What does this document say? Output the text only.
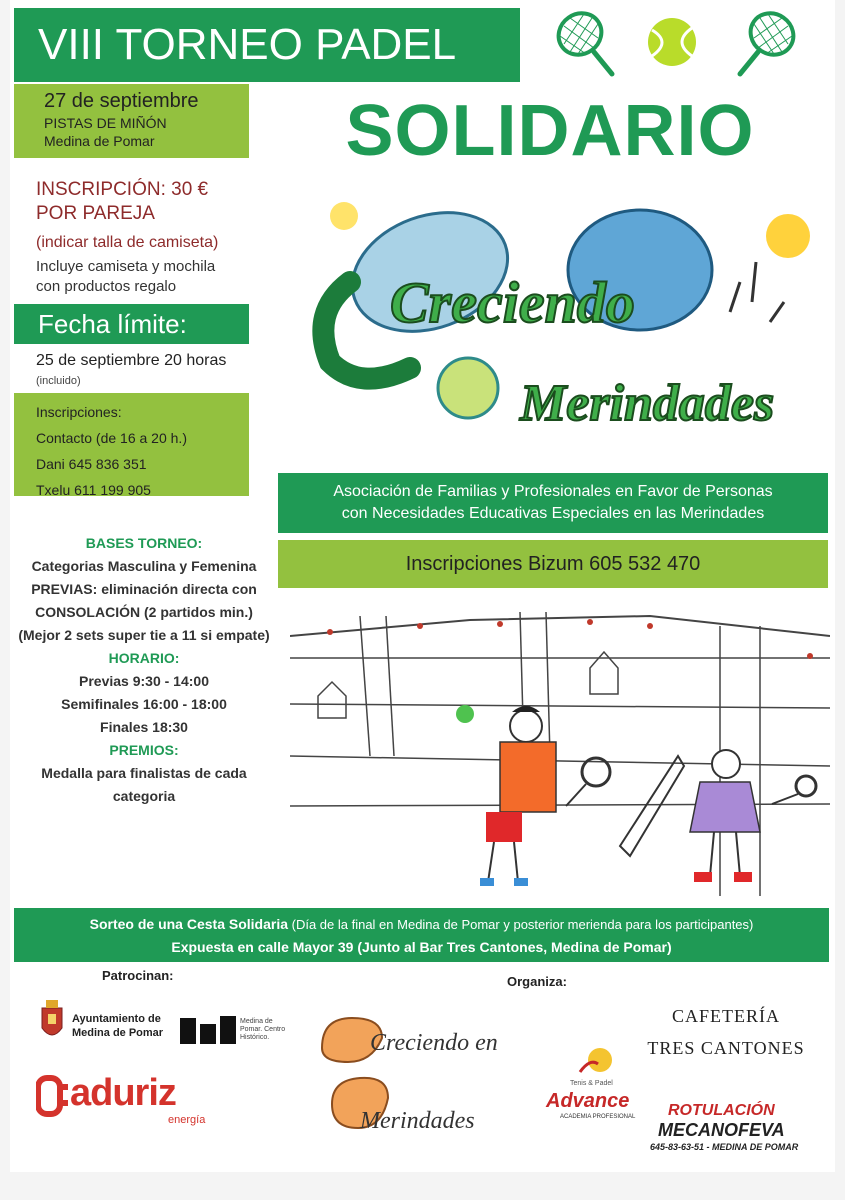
VIII TORNEO PADEL
27 de septiembre
PISTAS DE MIÑÓN
Medina de Pomar	SOLIDARIO
INSCRIPCIÓN: 30 €
POR PAREJA
(indicar talla de camiseta)
Incluye camiseta y mochila
con productos regalo
Fecha límite:
25 de septiembre 20 horas
(incluido)
Inscripciones:
Contacto (de 16 a 20 h.)
Dani 645 836 351
Txelu 611 199 905
BASES TORNEO:
Categorias Masculina y Femenina
PREVIAS: eliminación directa con
CONSOLACIÓN (2 partidos min.)
(Mejor 2 sets super tie a 11 si empate)
HORARIO:
Previas 9:30 - 14:00
Semifinales 16:00 - 18:00
Finales 18:30
PREMIOS:
Medalla para finalistas de cada
categoria
Creciendo
Merindades
Asociación de Familias y Profesionales en Favor de Personas
con Necesidades Educativas Especiales en las Merindades
Inscripciones Bizum 605 532 470
Sorteo de una Cesta Solidaria (Día de la final en Medina de Pomar y posterior merienda para los participantes)
Expuesta en calle Mayor 39 (Junto al Bar Tres Cantones, Medina de Pomar)
Patrocinan:	Organiza:
Ayuntamiento de
Medina de Pomar
Medina de
Pomar. Centro
Histórico.
aduriz
energía
Creciendo en
Merindades
Tenis & Padel
Advance
ACADEMIA PROFESIONAL
CAFETERÍA
TRES CANTONES
ROTULACIÓN
MECANOFEVA
645-83-63-51 - MEDINA DE POMAR
